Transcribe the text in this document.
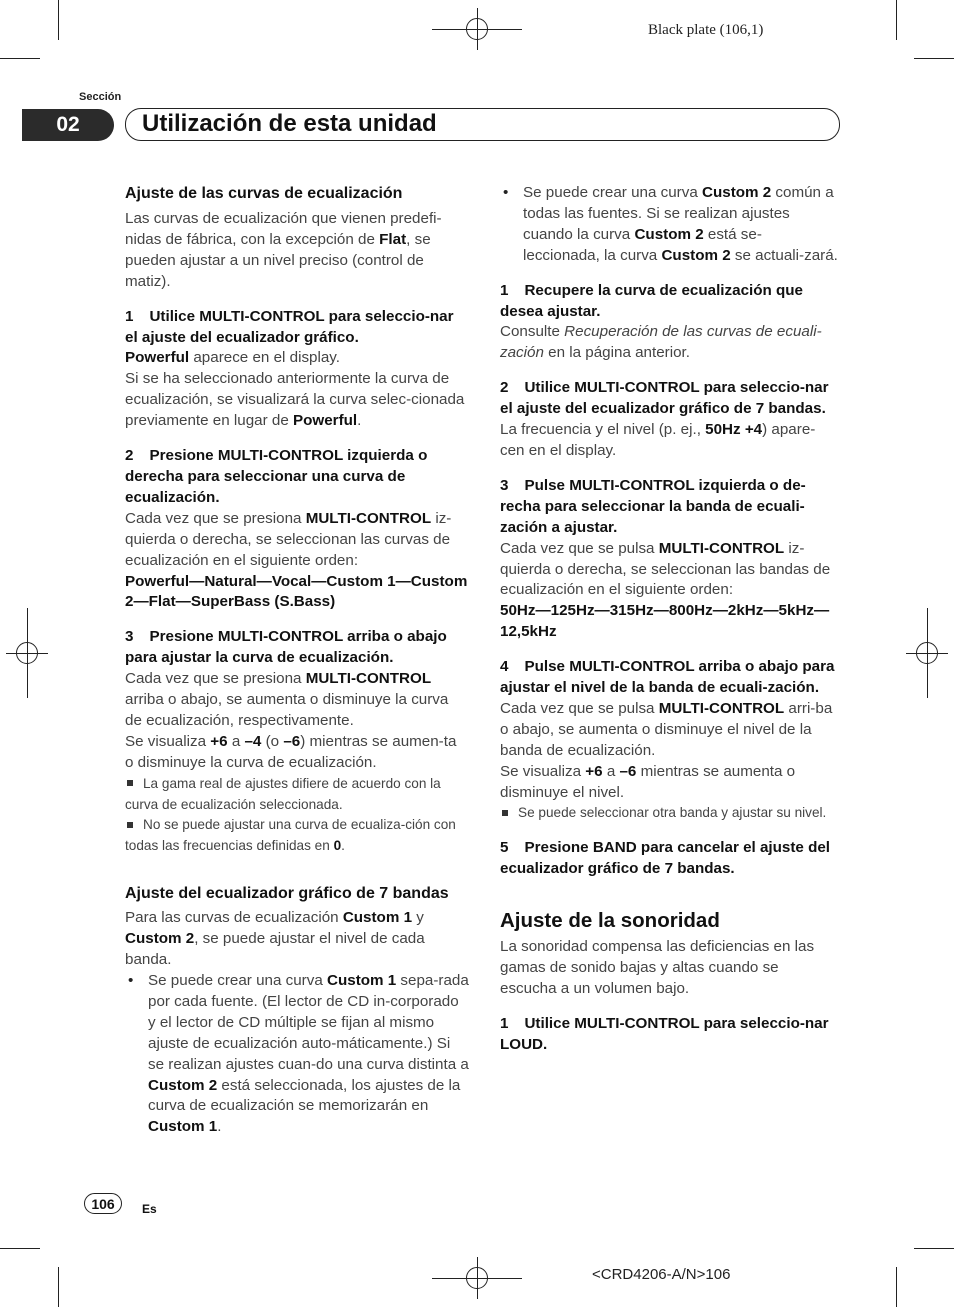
Black plate (106,1)
Sección
02	Utilización de esta unidad

Ajuste de las curvas de ecualización

Las curvas de ecualización que vienen predefi-nidas de fábrica, con la excepción de Flat, se pueden ajustar a un nivel preciso (control de matiz).

1 Utilice MULTI-CONTROL para seleccio-nar el ajuste del ecualizador gráfico.

Powerful aparece en el display.

Si se ha seleccionado anteriormente la curva de ecualización, se visualizará la curva selec-cionada previamente en lugar de Powerful.

2 Presione MULTI-CONTROL izquierda o derecha para seleccionar una curva de ecualización.

Cada vez que se presiona MULTI-CONTROL iz-quierda o derecha, se seleccionan las curvas de ecualización en el siguiente orden:

Powerful—Natural—Vocal—Custom 1—Custom 2—Flat—SuperBass (S.Bass)

3 Presione MULTI-CONTROL arriba o abajo para ajustar la curva de ecualización.

Cada vez que se presiona MULTI-CONTROL arriba o abajo, se aumenta o disminuye la curva de ecualización, respectivamente.

Se visualiza +6 a –4 (o –6) mientras se aumen-ta o disminuye la curva de ecualización.

La gama real de ajustes difiere de acuerdo con la curva de ecualización seleccionada.

No se puede ajustar una curva de ecualiza-ción con todas las frecuencias definidas en 0.

Ajuste del ecualizador gráfico de 7 bandas

Para las curvas de ecualización Custom 1 y Custom 2, se puede ajustar el nivel de cada banda.

• Se puede crear una curva Custom 1 sepa-rada por cada fuente. (El lector de CD in-corporado y el lector de CD múltiple se fijan al mismo ajuste de ecualización auto-máticamente.) Si se realizan ajustes cuan-do una curva distinta a Custom 2 está seleccionada, los ajustes de la curva de ecualización se memorizarán en Custom 1.

• Se puede crear una curva Custom 2 común a todas las fuentes. Si se realizan ajustes cuando la curva Custom 2 está se-leccionada, la curva Custom 2 se actuali-zará.

1 Recupere la curva de ecualización que desea ajustar.

Consulte Recuperación de las curvas de ecuali-zación en la página anterior.

2 Utilice MULTI-CONTROL para seleccio-nar el ajuste del ecualizador gráfico de 7 bandas.

La frecuencia y el nivel (p. ej., 50Hz +4) apare-cen en el display.

3 Pulse MULTI-CONTROL izquierda o de-recha para seleccionar la banda de ecuali-zación a ajustar.

Cada vez que se pulsa MULTI-CONTROL iz-quierda o derecha, se seleccionan las bandas de ecualización en el siguiente orden:

50Hz—125Hz—315Hz—800Hz—2kHz—5kHz—12,5kHz

4 Pulse MULTI-CONTROL arriba o abajo para ajustar el nivel de la banda de ecuali-zación.

Cada vez que se pulsa MULTI-CONTROL arri-ba o abajo, se aumenta o disminuye el nivel de la banda de ecualización.

Se visualiza +6 a –6 mientras se aumenta o disminuye el nivel.

Se puede seleccionar otra banda y ajustar su nivel.

5 Presione BAND para cancelar el ajuste del ecualizador gráfico de 7 bandas.

Ajuste de la sonoridad

La sonoridad compensa las deficiencias en las gamas de sonido bajas y altas cuando se escucha a un volumen bajo.

1 Utilice MULTI-CONTROL para seleccio-nar LOUD.

106	Es
<CRD4206-A/N>106
